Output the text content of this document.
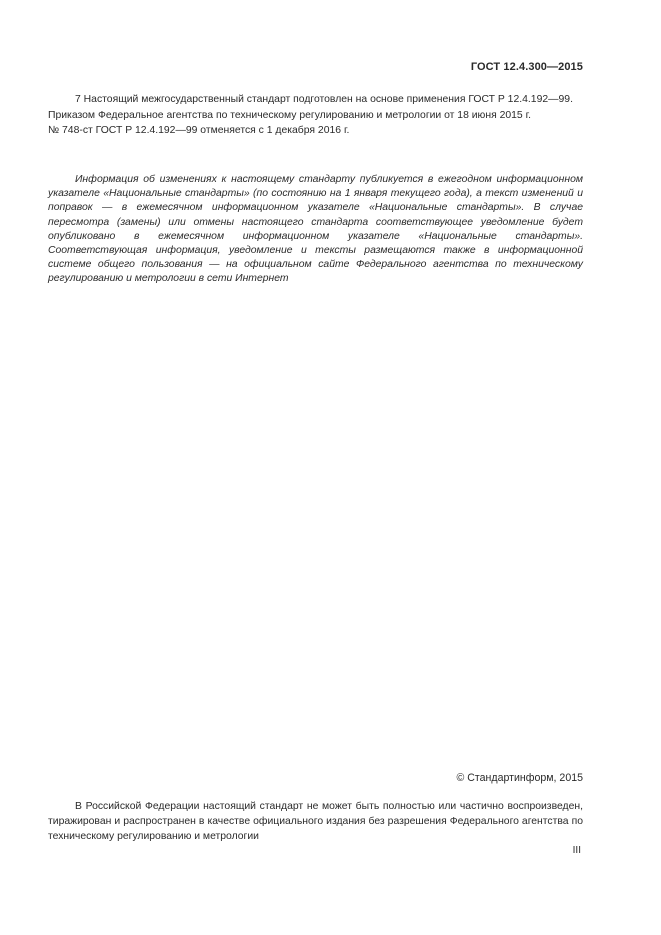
ГОСТ 12.4.300—2015

7 Настоящий межгосударственный стандарт подготовлен на основе применения ГОСТ Р 12.4.192—99.

Приказом Федеральное агентства по техническому регулированию и метрологии от 18 июня 2015 г.

№ 748-ст ГОСТ Р 12.4.192—99 отменяется с 1 декабря 2016 г.

Информация об изменениях к настоящему стандарту публикуется в ежегодном информационном указателе «Национальные стандарты» (по состоянию на 1 января текущего года), а текст изменений и поправок — в ежемесячном информационном указателе «Национальные стандарты». В случае пересмотра (замены) или отмены настоящего стандарта соответствующее уведомление будет опубликовано в ежемесячном информационном указателе «Национальные стандарты». Соответствующая информация, уведомление и тексты размещаются также в информационной системе общего пользования — на официальном сайте Федерального агентства по техническому регулированию и метрологии в сети Интернет

© Стандартинформ, 2015

В Российской Федерации настоящий стандарт не может быть полностью или частично воспроизведен, тиражирован и распространен в качестве официального издания без разрешения Федерального агентства по техническому регулированию и метрологии

III
